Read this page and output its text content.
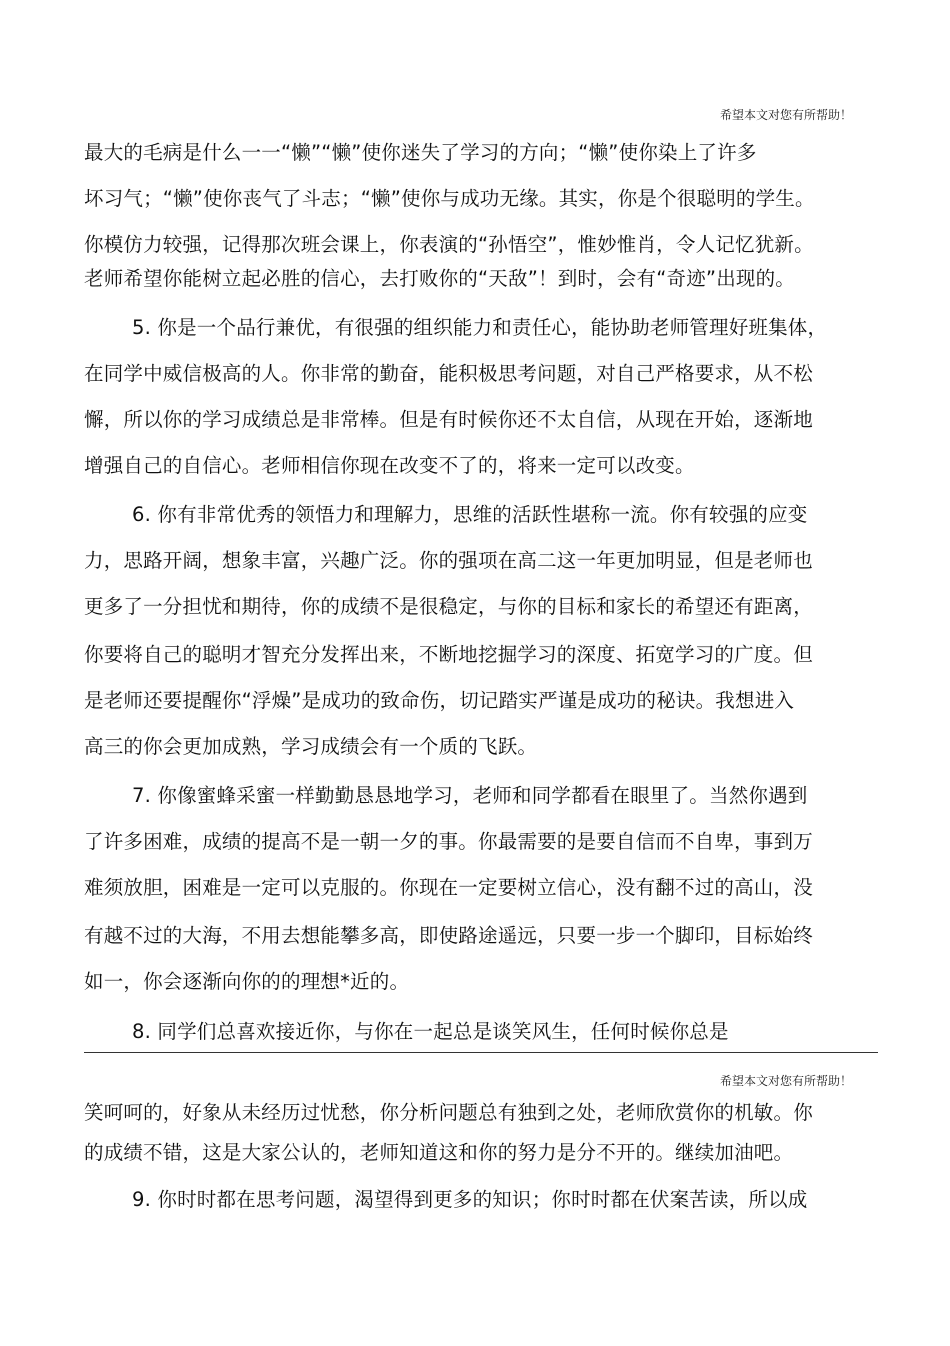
希望本文对您有所帮助！
最大的毛病是什么一一“懒”“懒”使你迷失了学习的方向；“懒”使你染上了许多
坏习气；“懒”使你丧气了斗志；“懒”使你与成功无缘。其实，你是个很聪明的学生。
你模仿力较强，记得那次班会课上，你表演的“孙悟空”，惟妙惟肖，令人记忆犹新。
老师希望你能树立起必胜的信心，去打败你的“天敌”！到时，会有“奇迹”出现的。
5. 你是一个品行兼优，有很强的组织能力和责任心，能协助老师管理好班集体，
在同学中威信极高的人。你非常的勤奋，能积极思考问题，对自己严格要求，从不松
懈，所以你的学习成绩总是非常棒。但是有时候你还不太自信，从现在开始，逐渐地
增强自己的自信心。老师相信你现在改变不了的，将来一定可以改变。
6. 你有非常优秀的领悟力和理解力，思维的活跃性堪称一流。你有较强的应变
力，思路开阔，想象丰富，兴趣广泛。你的强项在高二这一年更加明显，但是老师也
更多了一分担忧和期待，你的成绩不是很稳定，与你的目标和家长的希望还有距离，
你要将自己的聪明才智充分发挥出来，不断地挖掘学习的深度、拓宽学习的广度。但
是老师还要提醒你“浮燥”是成功的致命伤，切记踏实严谨是成功的秘诀。我想进入
高三的你会更加成熟，学习成绩会有一个质的飞跃。
7. 你像蜜蜂采蜜一样勤勤恳恳地学习，老师和同学都看在眼里了。当然你遇到
了许多困难，成绩的提高不是一朝一夕的事。你最需要的是要自信而不自卑，事到万
难须放胆，困难是一定可以克服的。你现在一定要树立信心，没有翻不过的高山，没
有越不过的大海，不用去想能攀多高，即使路途遥远，只要一步一个脚印，目标始终
如一，你会逐渐向你的的理想*近的。
8. 同学们总喜欢接近你，与你在一起总是谈笑风生，任何时候你总是
希望本文对您有所帮助！
笑呵呵的，好象从未经历过忧愁，你分析问题总有独到之处，老师欣赏你的机敏。你
的成绩不错，这是大家公认的，老师知道这和你的努力是分不开的。继续加油吧。
9. 你时时都在思考问题，渴望得到更多的知识；你时时都在伏案苦读，所以成
